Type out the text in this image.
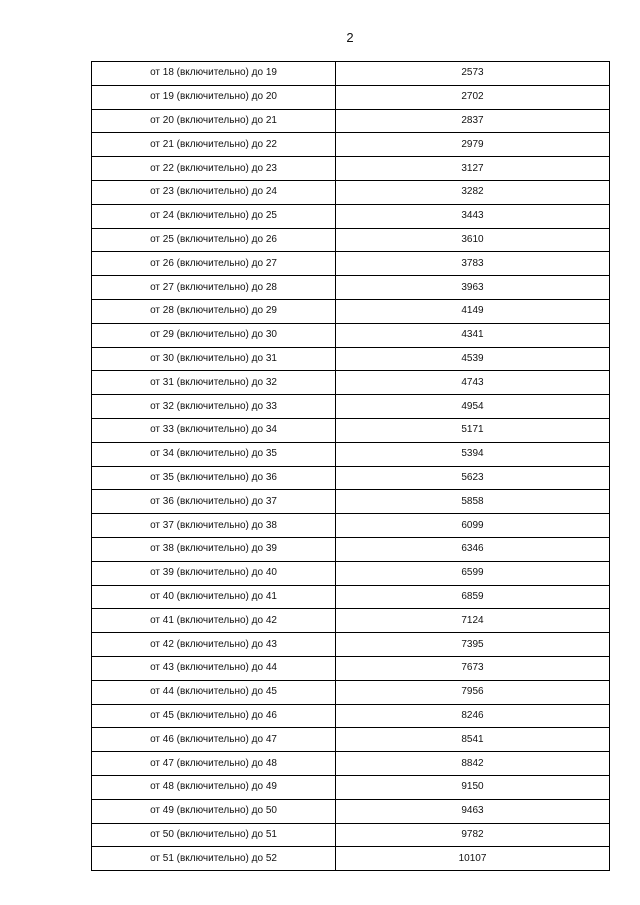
2
от 18 (включительно) до 19	2573
от 19 (включительно) до 20	2702
от 20 (включительно) до 21	2837
от 21 (включительно) до 22	2979
от 22 (включительно) до 23	3127
от 23 (включительно) до 24	3282
от 24 (включительно) до 25	3443
от 25 (включительно) до 26	3610
от 26 (включительно) до 27	3783
от 27 (включительно) до 28	3963
от 28 (включительно) до 29	4149
от 29 (включительно) до 30	4341
от 30 (включительно) до 31	4539
от 31 (включительно) до 32	4743
от 32 (включительно) до 33	4954
от 33 (включительно) до 34	5171
от 34 (включительно) до 35	5394
от 35 (включительно) до 36	5623
от 36 (включительно) до 37	5858
от 37 (включительно) до 38	6099
от 38 (включительно) до 39	6346
от 39 (включительно) до 40	6599
от 40 (включительно) до 41	6859
от 41 (включительно) до 42	7124
от 42 (включительно) до 43	7395
от 43 (включительно) до 44	7673
от 44 (включительно) до 45	7956
от 45 (включительно) до 46	8246
от 46 (включительно) до 47	8541
от 47 (включительно) до 48	8842
от 48 (включительно) до 49	9150
от 49 (включительно) до 50	9463
от 50 (включительно) до 51	9782
от 51 (включительно) до 52	10107
